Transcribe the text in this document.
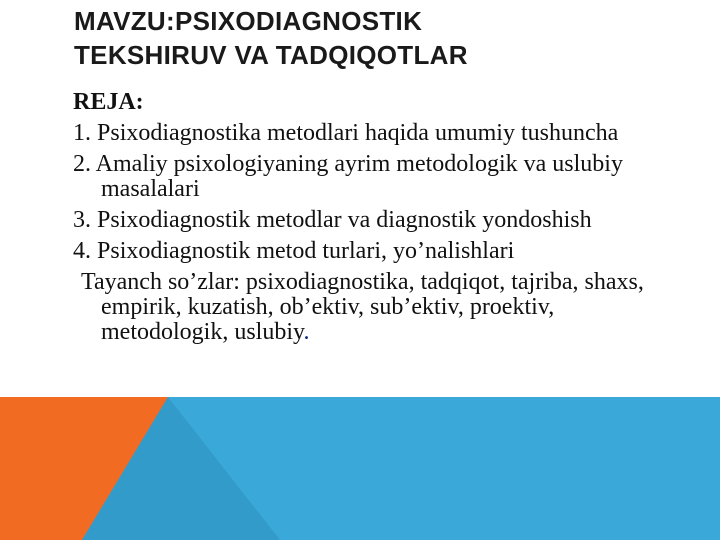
MAVZU:PSIXODIAGNOSTIK
TEKSHIRUV VA TADQIQOTLAR

REJA:

1. Psixodiagnostika metodlari haqida umumiy tushuncha

2. Amaliy psixologiyaning ayrim metodologik va uslubiy masalalari

3. Psixodiagnostik metodlar va diagnostik yondoshish

4. Psixodiagnostik metod turlari, yo’nalishlari

Tayanch so’zlar: psixodiagnostika, tadqiqot, tajriba, shaxs, empirik, kuzatish, ob’ektiv, sub’ektiv, proektiv, metodologik, uslubiy.
